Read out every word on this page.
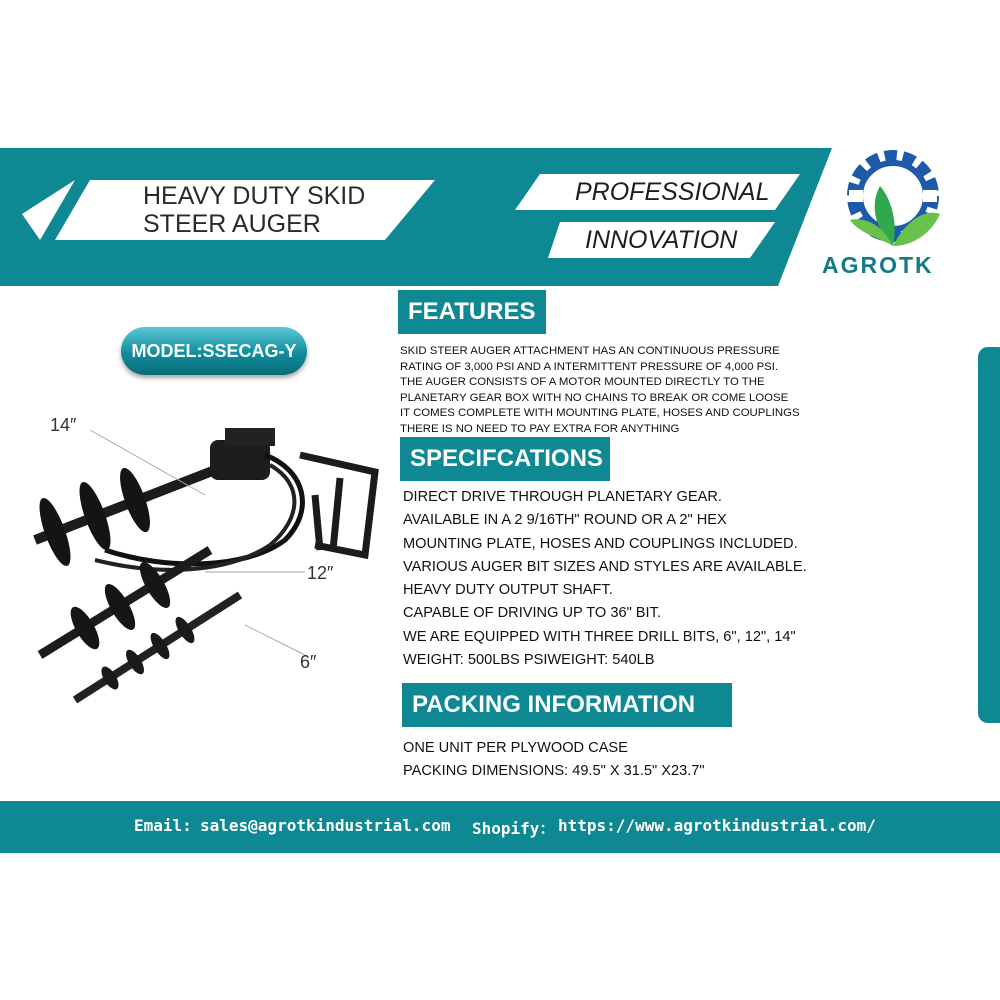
HEAVY DUTY SKID
STEER AUGER
PROFESSIONAL
INNOVATION
AGROTK
MODEL:SSECAG-Y
14″
12″
6″
FEATURES
SKID STEER AUGER ATTACHMENT HAS AN CONTINUOUS PRESSURE
RATING OF 3,000 PSI AND A INTERMITTENT PRESSURE OF 4,000 PSI.
THE AUGER CONSISTS OF A MOTOR MOUNTED DIRECTLY TO THE
PLANETARY GEAR BOX WITH NO CHAINS TO BREAK OR COME LOOSE
IT COMES COMPLETE WITH MOUNTING PLATE, HOSES AND COUPLINGS
THERE IS NO NEED TO PAY EXTRA FOR ANYTHING
SPECIFCATIONS
DIRECT DRIVE THROUGH PLANETARY GEAR.
AVAILABLE IN A 2 9/16TH" ROUND OR A 2" HEX
MOUNTING PLATE, HOSES AND COUPLINGS INCLUDED.
VARIOUS AUGER BIT SIZES AND STYLES ARE AVAILABLE.
HEAVY DUTY OUTPUT SHAFT.
CAPABLE OF DRIVING UP TO 36" BIT.
WE ARE EQUIPPED WITH THREE DRILL BITS, 6", 12", 14"
WEIGHT: 500LBS PSIWEIGHT: 540LB
PACKING INFORMATION
ONE UNIT PER PLYWOOD CASE
PACKING DIMENSIONS: 49.5" X 31.5" X23.7"
Email: sales@agrotkindustrial.com Shopify： https://www.agrotkindustrial.com/
